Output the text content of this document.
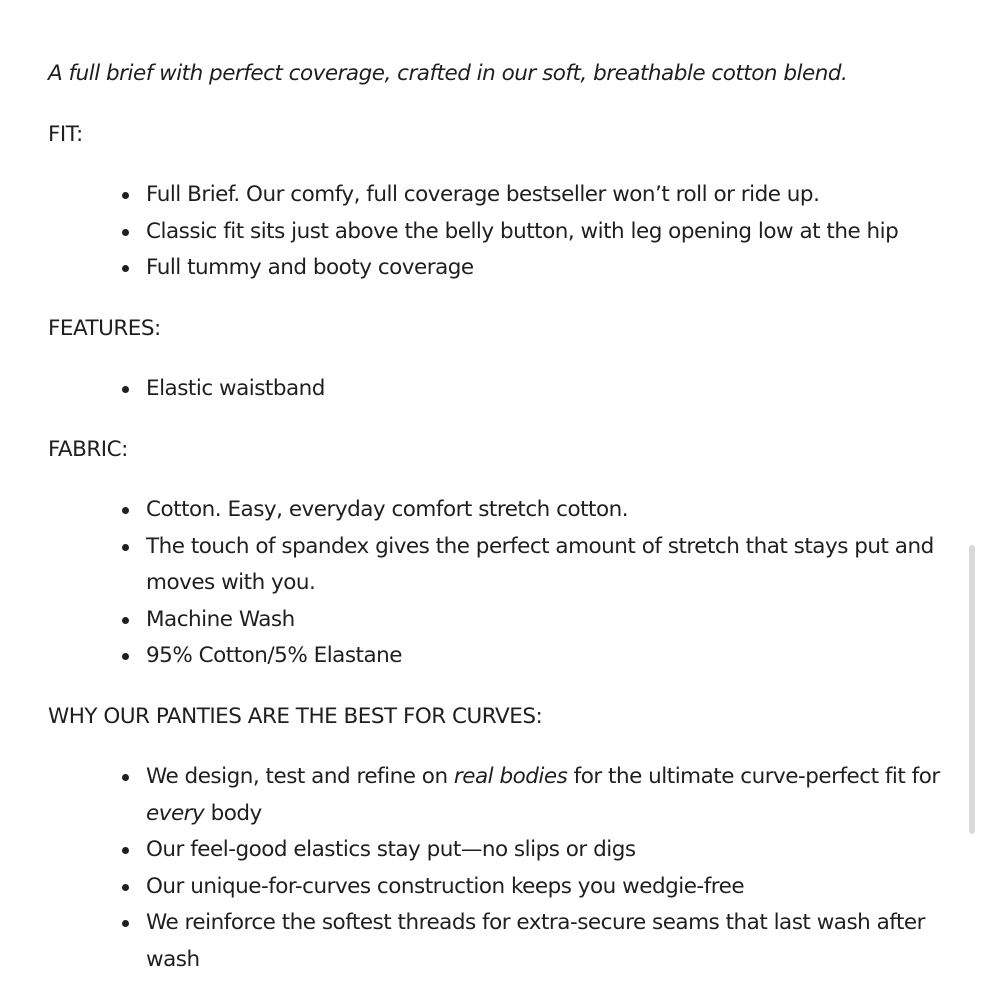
A full brief with perfect coverage, crafted in our soft, breathable cotton blend.

FIT:
Full Brief. Our comfy, full coverage bestseller won’t roll or ride up.
Classic fit sits just above the belly button, with leg opening low at the hip
Full tummy and booty coverage
FEATURES:
Elastic waistband
FABRIC:
Cotton. Easy, everyday comfort stretch cotton.
The touch of spandex gives the perfect amount of stretch that stays put and moves with you.
Machine Wash
95% Cotton/5% Elastane
WHY OUR PANTIES ARE THE BEST FOR CURVES:
We design, test and refine on real bodies for the ultimate curve-perfect fit for every body
Our feel-good elastics stay put—no slips or digs
Our unique-for-curves construction keeps you wedgie-free
We reinforce the softest threads for extra-secure seams that last wash after wash
